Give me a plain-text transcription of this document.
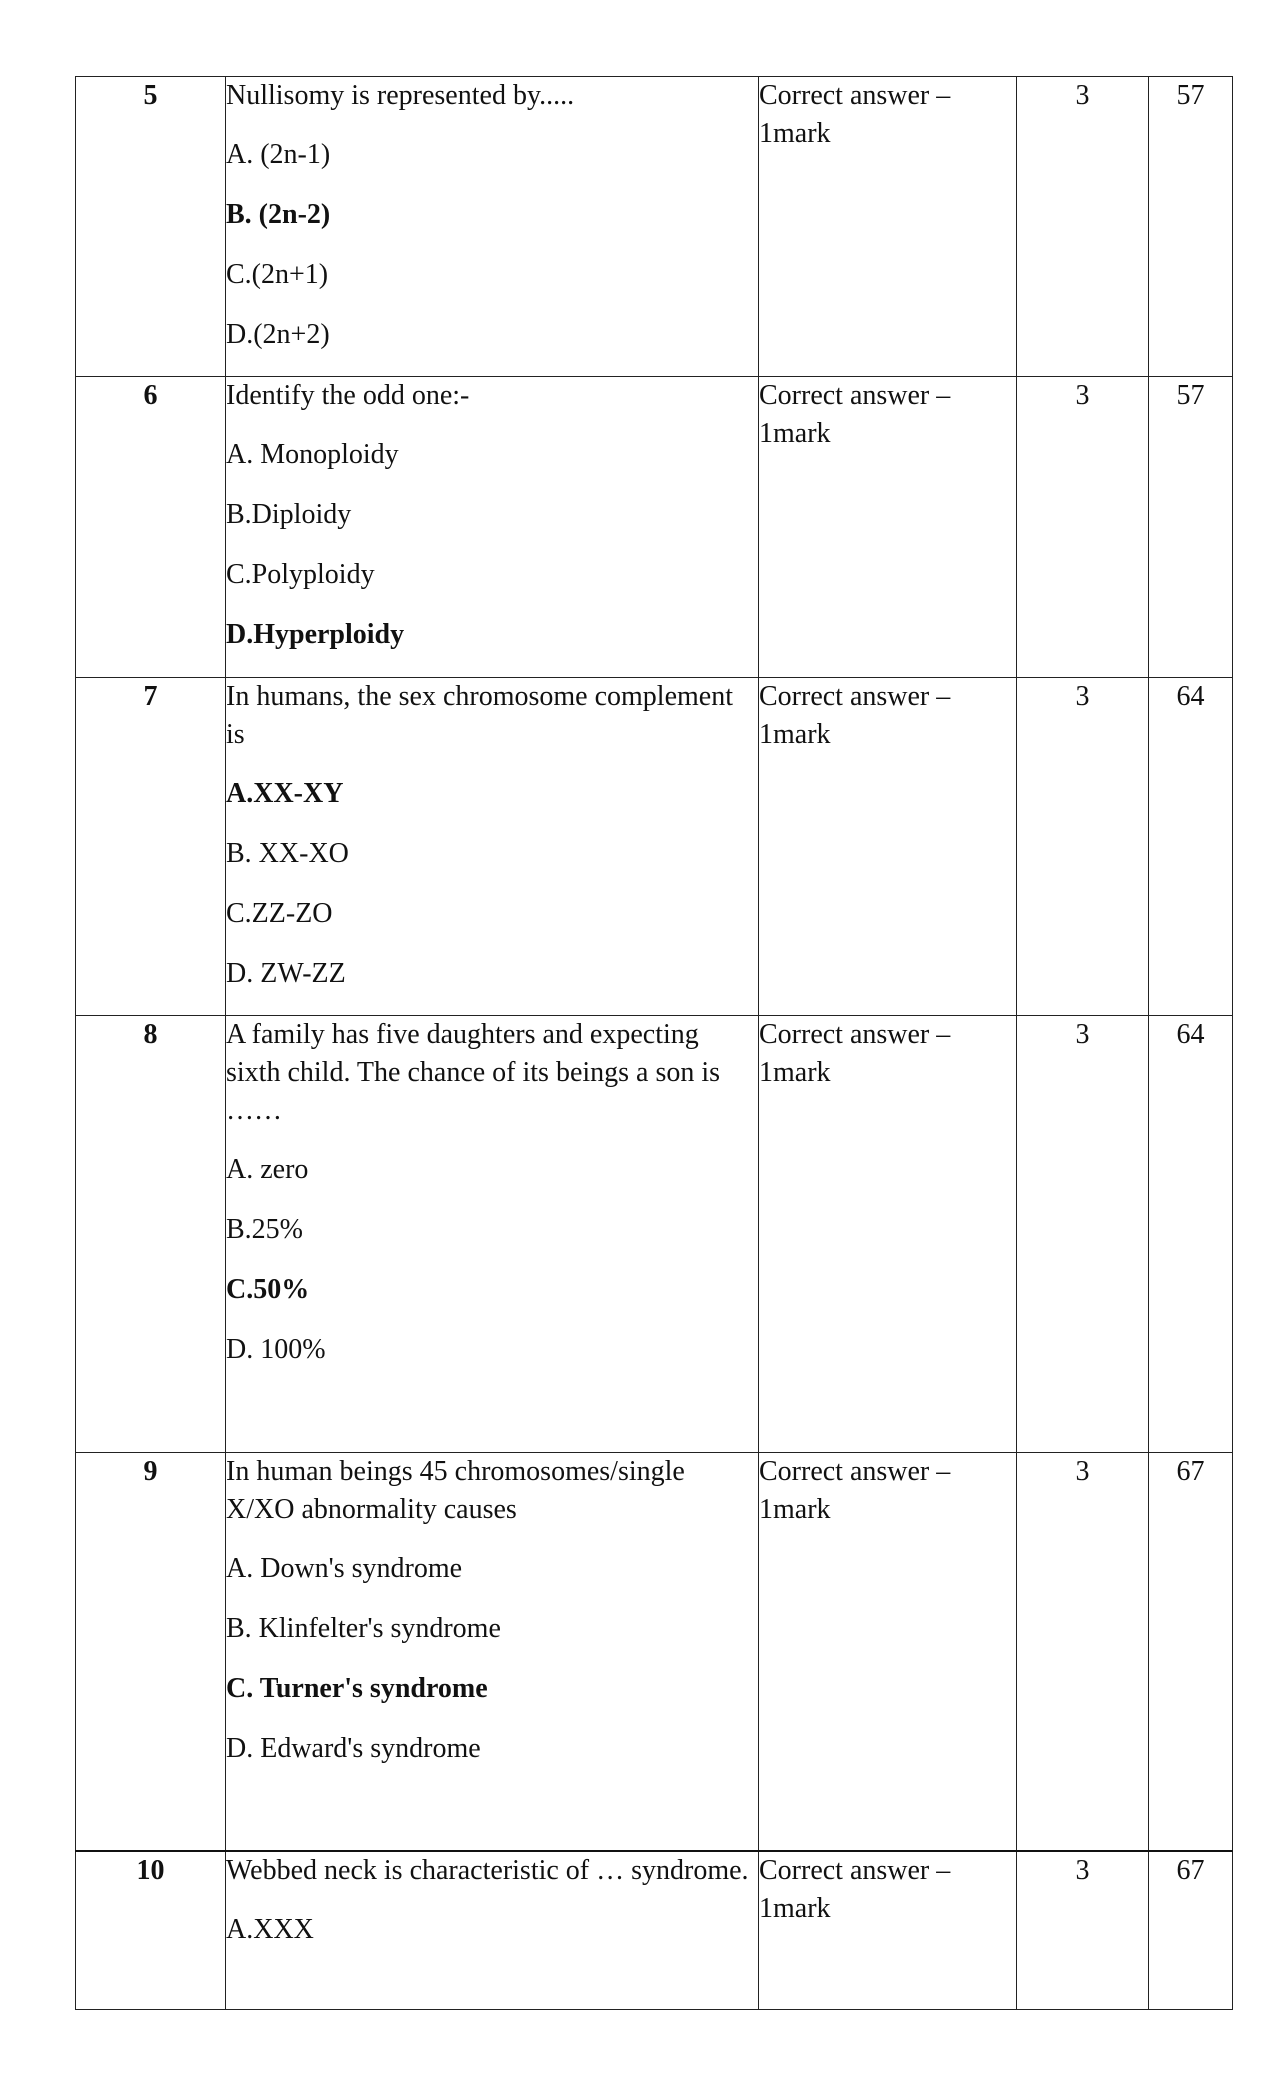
5	Nullisomy is represented by.....
A. (2n-1)
B. (2n-2)
C.(2n+1)
D.(2n+2)	Correct answer – 1mark	3	57

6	Identify the odd one:-
A. Monoploidy
B.Diploidy
C.Polyploidy
D.Hyperploidy	Correct answer – 1mark	3	57

7	In humans, the sex chromosome complement is
A.XX-XY
B. XX-XO
C.ZZ-ZO
D. ZW-ZZ	Correct answer – 1mark	3	64

8	A family has five daughters and expecting sixth child. The chance of its beings a son is ……
A. zero
B.25%
C.50%
D. 100%	Correct answer – 1mark	3	64

9	In human beings 45 chromosomes/single X/XO abnormality causes
A. Down's syndrome
B. Klinfelter's syndrome
C. Turner's syndrome
D. Edward's syndrome	Correct answer – 1mark	3	67

10	Webbed neck is characteristic of … syndrome.
A.XXX	Correct answer – 1mark	3	67
